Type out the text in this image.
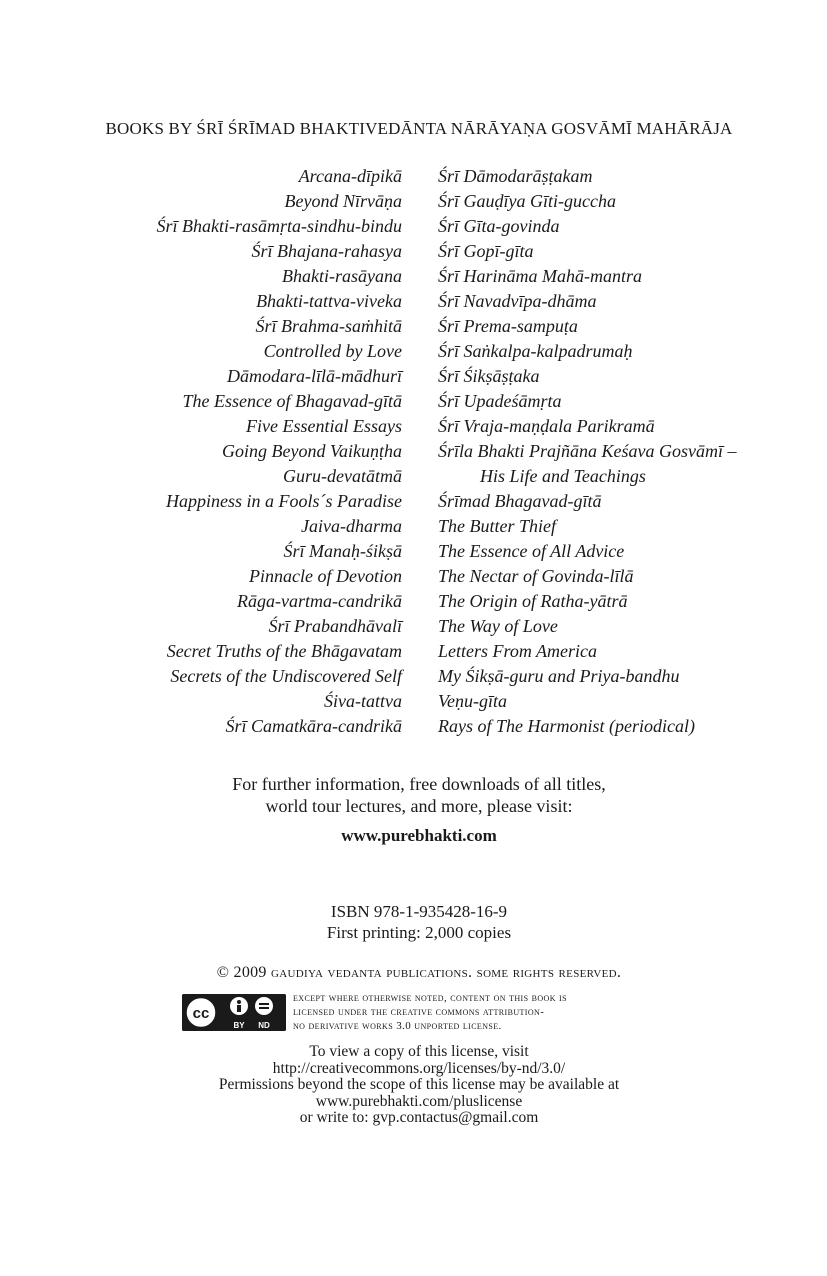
BOOKS BY ŚRĪ ŚRĪMAD BHAKTIVEDĀNTA NĀRĀYAṆA GOSVĀMĪ MAHĀRĀJA
Arcana-dīpikā
Beyond Nīrvāṇa
Śrī Bhakti-rasāmṛta-sindhu-bindu
Śrī Bhajana-rahasya
Bhakti-rasāyana
Bhakti-tattva-viveka
Śrī Brahma-saṁhitā
Controlled by Love
Dāmodara-līlā-mādhurī
The Essence of Bhagavad-gītā
Five Essential Essays
Going Beyond Vaikuṇṭha
Guru-devatātmā
Happiness in a Fools´s Paradise
Jaiva-dharma
Śrī Manaḥ-śikṣā
Pinnacle of Devotion
Rāga-vartma-candrikā
Śrī Prabandhāvalī
Secret Truths of the Bhāgavatam
Secrets of the Undiscovered Self
Śiva-tattva
Śrī Camatkāra-candrikā
Śrī Dāmodarāṣṭakam
Śrī Gauḍīya Gīti-guccha
Śrī Gīta-govinda
Śrī Gopī-gīta
Śrī Harināma Mahā-mantra
Śrī Navadvīpa-dhāma
Śrī Prema-sampuṭa
Śrī Saṅkalpa-kalpadrumaḥ
Śrī Śikṣāṣṭaka
Śrī Upadeśāmṛta
Śrī Vraja-maṇḍala Parikramā
Śrīla Bhakti Prajñāna Keśava Gosvāmī –
His Life and Teachings
Śrīmad Bhagavad-gītā
The Butter Thief
The Essence of All Advice
The Nectar of Govinda-līlā
The Origin of Ratha-yātrā
The Way of Love
Letters From America
My Śikṣā-guru and Priya-bandhu
Veṇu-gīta
Rays of The Harmonist (periodical)
For further information, free downloads of all titles,
world tour lectures, and more, please visit:
www.purebhakti.com
ISBN 978-1-935428-16-9
First printing: 2,000 copies
© 2009 gaudiya vedanta publications. some rights reserved.
cc
BY ND
except where otherwise noted, content on this book is
licensed under the creative commons attribution-
no derivative works 3.0 unported license.
To view a copy of this license, visit
http://creativecommons.org/licenses/by-nd/3.0/
Permissions beyond the scope of this license may be available at
www.purebhakti.com/pluslicense
or write to: gvp.contactus@gmail.com
